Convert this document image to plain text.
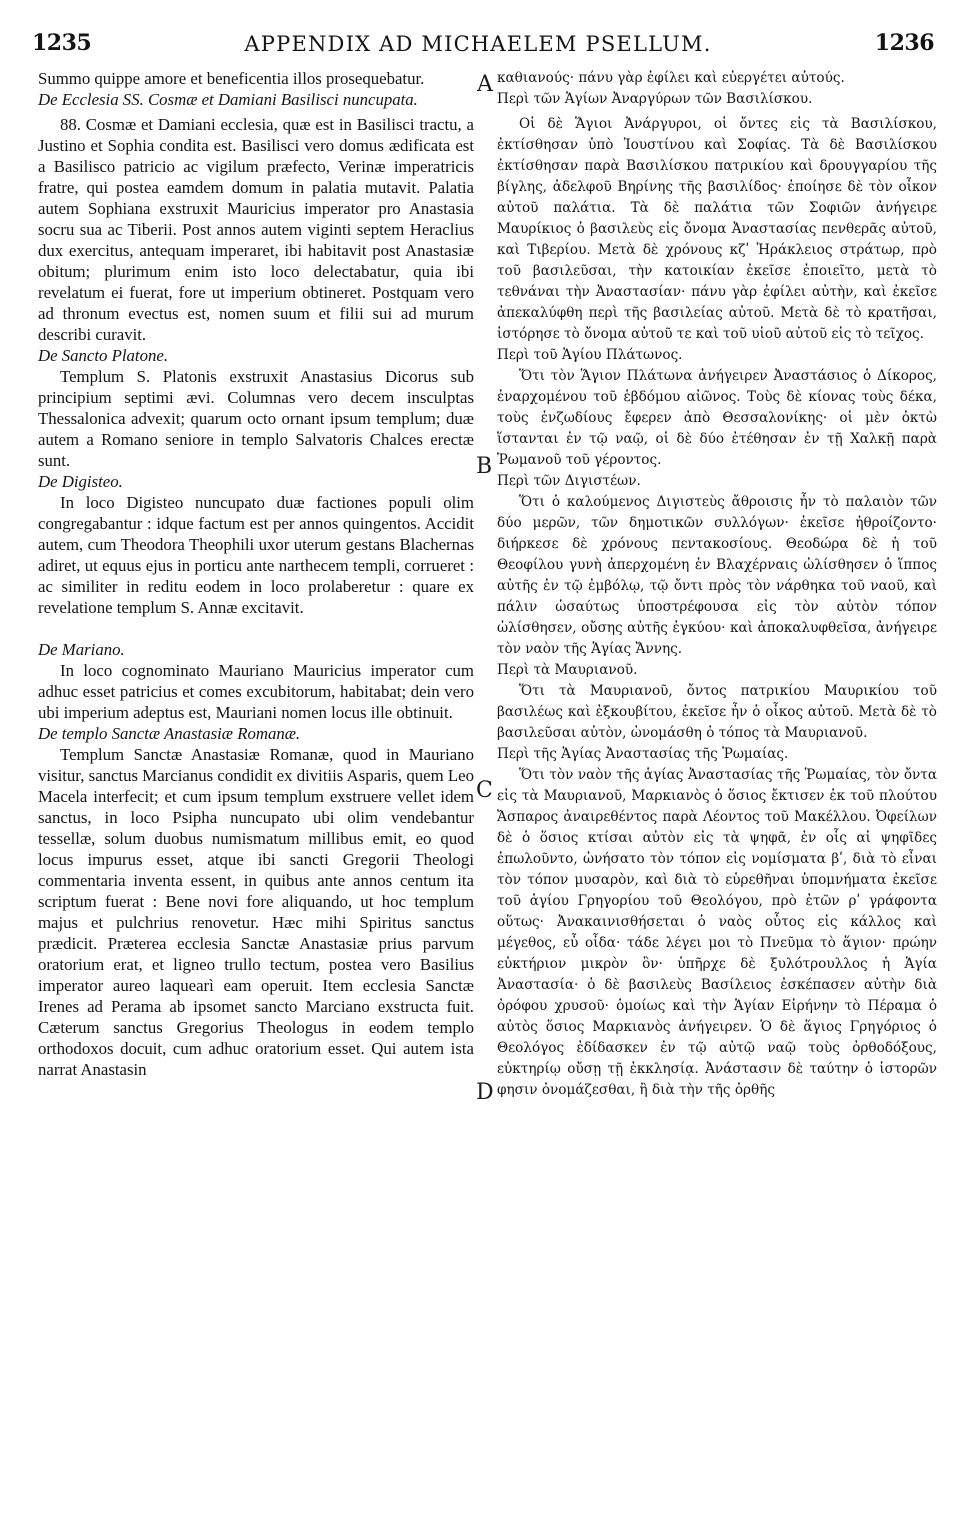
1235	APPENDIX AD MICHAELEM PSELLUM.	1236
A
B
C
D

Summo quippe amore et beneficentia illos prosequebatur.

De Ecclesia SS. Cosmæ et Damiani Basilisci nuncupata.

88. Cosmæ et Damiani ecclesia, quæ est in Basilisci tractu, a Justino et Sophia condita est. Basilisci vero domus ædificata est a Basilisco patricio ac vigilum præfecto, Verinæ imperatricis fratre, qui postea eamdem domum in palatia mutavit. Palatia autem Sophiana exstruxit Mauricius imperator pro Anastasia socru sua ac Tiberii. Post annos autem viginti septem Heraclius dux exercitus, antequam imperaret, ibi habitavit post Anastasiæ obitum; plurimum enim isto loco delectabatur, quia ibi revelatum ei fuerat, fore ut imperium obtineret. Postquam vero ad thronum evectus est, nomen suum et filii sui ad murum describi curavit.

De Sancto Platone.

Templum S. Platonis exstruxit Anastasius Dicorus sub principium septimi ævi. Columnas vero decem insculptas Thessalonica advexit; quarum octo ornant ipsum templum; duæ autem a Romano seniore in templo Salvatoris Chalces erectæ sunt.

De Digisteo.

In loco Digisteo nuncupato duæ factiones populi olim congregabantur : idque factum est per annos quingentos. Accidit autem, cum Theodora Theophili uxor uterum gestans Blachernas adiret, ut equus ejus in porticu ante narthecem templi, corrueret : ac similiter in reditu eodem in loco prolaberetur : quare ex revelatione templum S. Annæ excitavit.

De Mariano.

In loco cognominato Mauriano Mauricius imperator cum adhuc esset patricius et comes excubitorum, habitabat; dein vero ubi imperium adeptus est, Mauriani nomen locus ille obtinuit.

De templo Sanctæ Anastasiæ Romanæ.

Templum Sanctæ Anastasiæ Romanæ, quod in Mauriano visitur, sanctus Marcianus condidit ex divitiis Asparis, quem Leo Macela interfecit; et cum ipsum templum exstruere vellet idem sanctus, in loco Psipha nuncupato ubi olim vendebantur tessellæ, solum duobus numismatum millibus emit, eo quod locus impurus esset, atque ibi sancti Gregorii Theologi commentaria inventa essent, in quibus ante annos centum ita scriptum fuerat : Bene novi fore aliquando, ut hoc templum majus et pulchrius renovetur. Hæc mihi Spiritus sanctus prædicit. Præterea ecclesia Sanctæ Anastasiæ prius parvum oratorium erat, et ligneo trullo tectum, postea vero Basilius imperator aureo laquearì eam operuit. Item ecclesia Sanctæ Irenes ad Perama ab ipsomet sancto Marciano exstructa fuit. Cæterum sanctus Gregorius Theologus in eodem templo orthodoxos docuit, cum adhuc oratorium esset. Qui autem ista narrat Anastasin

καθιανούς· πάνυ γὰρ ἐφίλει καὶ εὐεργέτει αὐτούς.

Περὶ τῶν Ἁγίων Ἀναργύρων τῶν Βασιλίσκου.

Οἱ δὲ Ἅγιοι Ἀνάργυροι, οἱ ὄντες εἰς τὰ Βασιλίσκου, ἐκτίσθησαν ὑπὸ Ἰουστίνου καὶ Σοφίας. Τὰ δὲ Βασιλίσκου ἐκτίσθησαν παρὰ Βασιλίσκου πατρικίου καὶ δρουγγαρίου τῆς βίγλης, ἀδελφοῦ Βηρίνης τῆς βασιλίδος· ἐποίησε δὲ τὸν οἶκον αὐτοῦ παλάτια. Τὰ δὲ παλάτια τῶν Σοφιῶν ἀνήγειρε Μαυρίκιος ὁ βασιλεὺς εἰς ὄνομα Ἀναστασίας πενθερᾶς αὐτοῦ, καὶ Τιβερίου. Μετὰ δὲ χρόνους κζʹ Ἡράκλειος στράτωρ, πρὸ τοῦ βασιλεῦσαι, τὴν κατοικίαν ἐκεῖσε ἐποιεῖτο, μετὰ τὸ τεθνάναι τὴν Ἀναστασίαν· πάνυ γὰρ ἐφίλει αὐτὴν, καὶ ἐκεῖσε ἀπεκαλύφθη περὶ τῆς βασιλείας αὐτοῦ. Μετὰ δὲ τὸ κρατῆσαι, ἱστόρησε τὸ ὄνομα αὐτοῦ τε καὶ τοῦ υἱοῦ αὐτοῦ εἰς τὸ τεῖχος.

Περὶ τοῦ Ἁγίου Πλάτωνος.

Ὅτι τὸν Ἅγιον Πλάτωνα ἀνήγειρεν Ἀναστάσιος ὁ Δίκορος, ἐναρχομένου τοῦ ἑβδόμου αἰῶνος. Τοὺς δὲ κίονας τοὺς δέκα, τοὺς ἐνζωδίους ἔφερεν ἀπὸ Θεσσαλονίκης· οἱ μὲν ὀκτὼ ἵστανται ἐν τῷ ναῷ, οἱ δὲ δύο ἐτέθησαν ἐν τῇ Χαλκῇ παρὰ Ῥωμανοῦ τοῦ γέροντος.

Περὶ τῶν Διγιστέων.

Ὅτι ὁ καλούμενος Διγιστεὺς ἄθροισις ἦν τὸ παλαιὸν τῶν δύο μερῶν, τῶν δημοτικῶν συλλόγων· ἐκεῖσε ἠθροίζοντο· διήρκεσε δὲ χρόνους πεντακοσίους. Θεοδώρα δὲ ἡ τοῦ Θεοφίλου γυνὴ ἀπερχομένη ἐν Βλαχέρναις ὠλίσθησεν ὁ ἵππος αὐτῆς ἐν τῷ ἐμβόλῳ, τῷ ὄντι πρὸς τὸν νάρθηκα τοῦ ναοῦ, καὶ πάλιν ὡσαύτως ὑποστρέφουσα εἰς τὸν αὐτὸν τόπον ὠλίσθησεν, οὔσης αὐτῆς ἐγκύου· καὶ ἀποκαλυφθεῖσα, ἀνήγειρε τὸν ναὸν τῆς Ἁγίας Ἄννης.

Περὶ τὰ Μαυριανοῦ.

Ὅτι τὰ Μαυριανοῦ, ὄντος πατρικίου Μαυρικίου τοῦ βασιλέως καὶ ἐξκουβίτου, ἐκεῖσε ἦν ὁ οἶκος αὐτοῦ. Μετὰ δὲ τὸ βασιλεῦσαι αὐτὸν, ὠνομάσθη ὁ τόπος τὰ Μαυριανοῦ.

Περὶ τῆς Ἁγίας Ἀναστασίας τῆς Ῥωμαίας.

Ὅτι τὸν ναὸν τῆς ἁγίας Ἀναστασίας τῆς Ῥωμαίας, τὸν ὄντα εἰς τὰ Μαυριανοῦ, Μαρκιανὸς ὁ ὅσιος ἔκτισεν ἐκ τοῦ πλούτου Ἄσπαρος ἀναιρεθέντος παρὰ Λέοντος τοῦ Μακέλλου. Ὀφείλων δὲ ὁ ὅσιος κτίσαι αὐτὸν εἰς τὰ ψηφᾶ, ἐν οἷς αἱ ψηφῖδες ἐπωλοῦντο, ὠνήσατο τὸν τόπον εἰς νομίσματα βʹ, διὰ τὸ εἶναι τὸν τόπον μυσαρὸν, καὶ διὰ τὸ εὑρεθῆναι ὑπομνήματα ἐκεῖσε τοῦ ἁγίου Γρηγορίου τοῦ Θεολόγου, πρὸ ἐτῶν ρʹ γράφοντα οὕτως· Ἀνακαινισθήσεται ὁ ναὸς οὗτος εἰς κάλλος καὶ μέγεθος, εὖ οἶδα· τάδε λέγει μοι τὸ Πνεῦμα τὸ ἅγιον· πρώην εὐκτήριον μικρὸν ὂν· ὑπῆρχε δὲ ξυλότρουλλος ἡ Ἁγία Ἀναστασία· ὁ δὲ βασιλεὺς Βασίλειος ἐσκέπασεν αὐτὴν διὰ ὀρόφου χρυσοῦ· ὁμοίως καὶ τὴν Ἁγίαν Εἰρήνην τὸ Πέραμα ὁ αὐτὸς ὅσιος Μαρκιανὸς ἀνήγειρεν. Ὁ δὲ ἅγιος Γρηγόριος ὁ Θεολόγος ἐδίδασκεν ἐν τῷ αὐτῷ ναῷ τοὺς ὀρθοδόξους, εὐκτηρίῳ οὔσῃ τῇ ἐκκλησίᾳ. Ἀνάστασιν δὲ ταύτην ὁ ἱστορῶν φησιν ὀνομάζεσθαι, ἢ διὰ τὴν τῆς ὀρθῆς
